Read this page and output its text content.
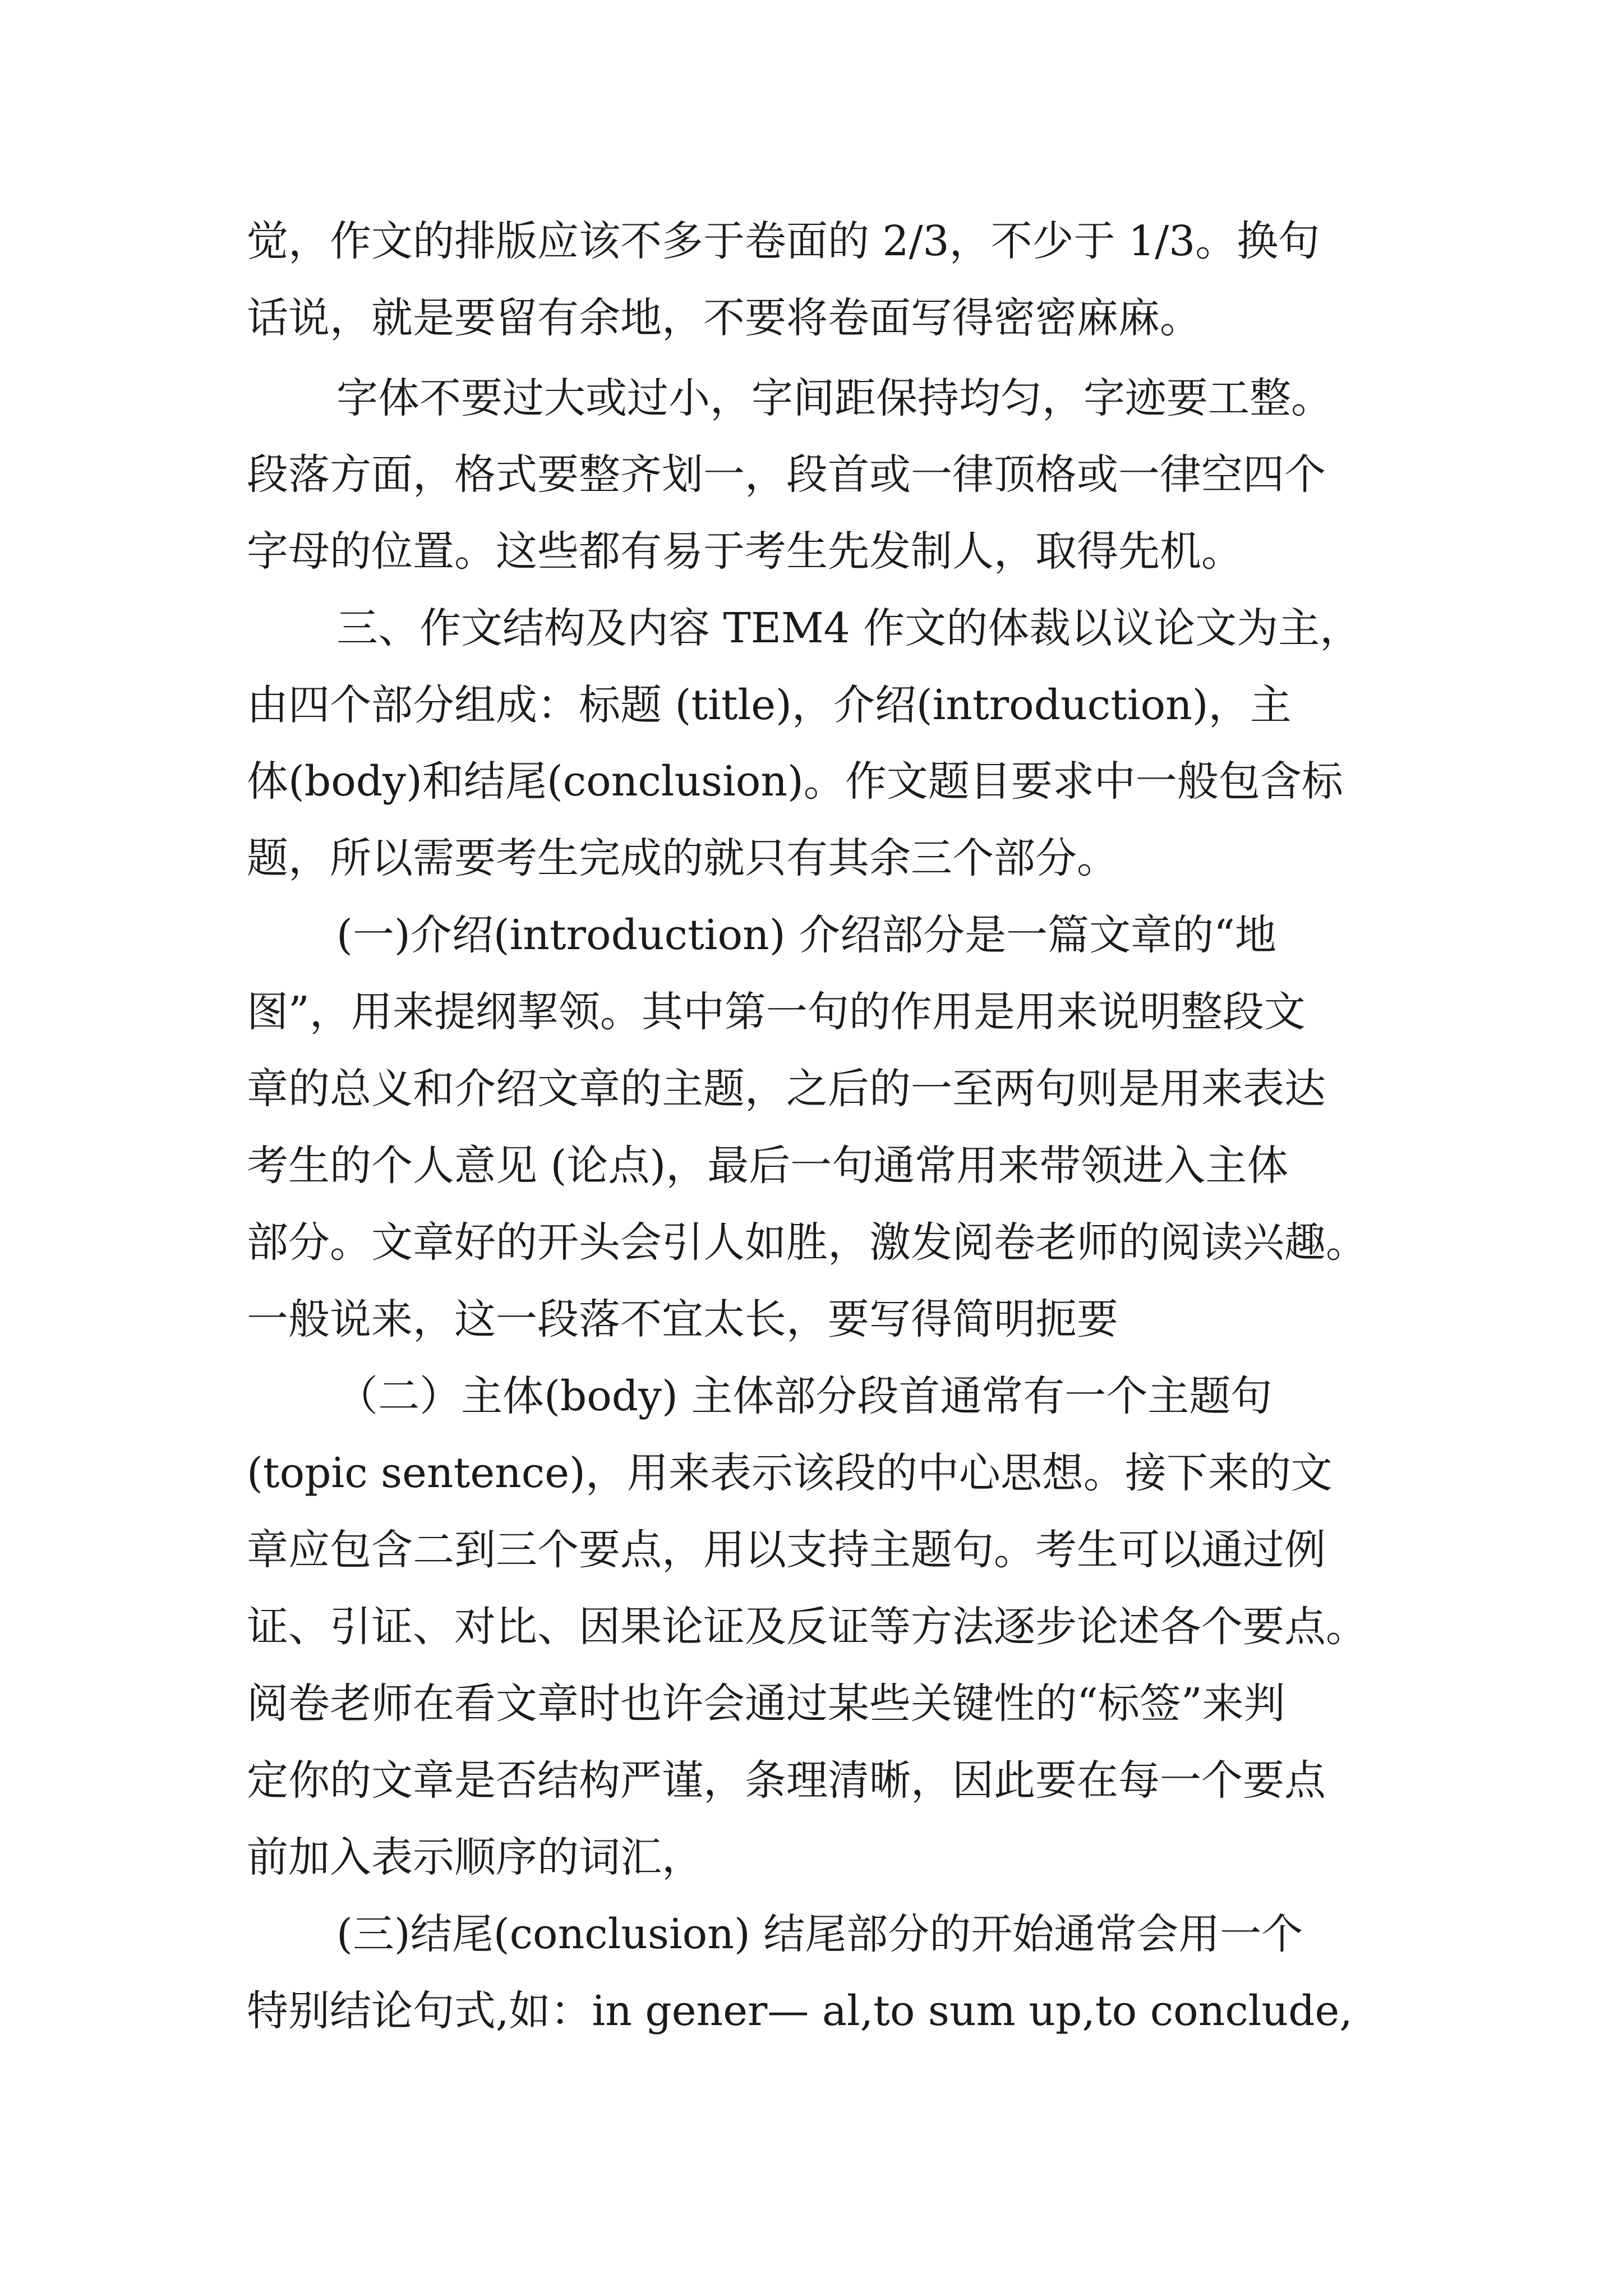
觉，作文的排版应该不多于卷面的 2/3，不少于 1/3。换句
话说，就是要留有余地，不要将卷面写得密密麻麻。
字体不要过大或过小，字间距保持均匀，字迹要工整。
段落方面，格式要整齐划一，段首或一律顶格或一律空四个
字母的位置。这些都有易于考生先发制人，取得先机。
三、作文结构及内容 TEM4 作文的体裁以议论文为主，
由四个部分组成：标题 (title)，介绍(introduction)，主
体(body)和结尾(conclusion)。作文题目要求中一般包含标
题，所以需要考生完成的就只有其余三个部分。
(一)介绍(introduction) 介绍部分是一篇文章的“地
图”，用来提纲挈领。其中第一句的作用是用来说明整段文
章的总义和介绍文章的主题，之后的一至两句则是用来表达
考生的个人意见 (论点)，最后一句通常用来带领进入主体
部分。文章好的开头会引人如胜，激发阅卷老师的阅读兴趣。
一般说来，这一段落不宜太长，要写得简明扼要
（二）主体(body) 主体部分段首通常有一个主题句
(topic sentence)，用来表示该段的中心思想。接下来的文
章应包含二到三个要点，用以支持主题句。考生可以通过例
证、引证、对比、因果论证及反证等方法逐步论述各个要点。
阅卷老师在看文章时也许会通过某些关键性的“标签”来判
定你的文章是否结构严谨，条理清晰，因此要在每一个要点
前加入表示顺序的词汇，
(三)结尾(conclusion) 结尾部分的开始通常会用一个
特别结论句式,如：in gener— al,to sum up,to conclude,
